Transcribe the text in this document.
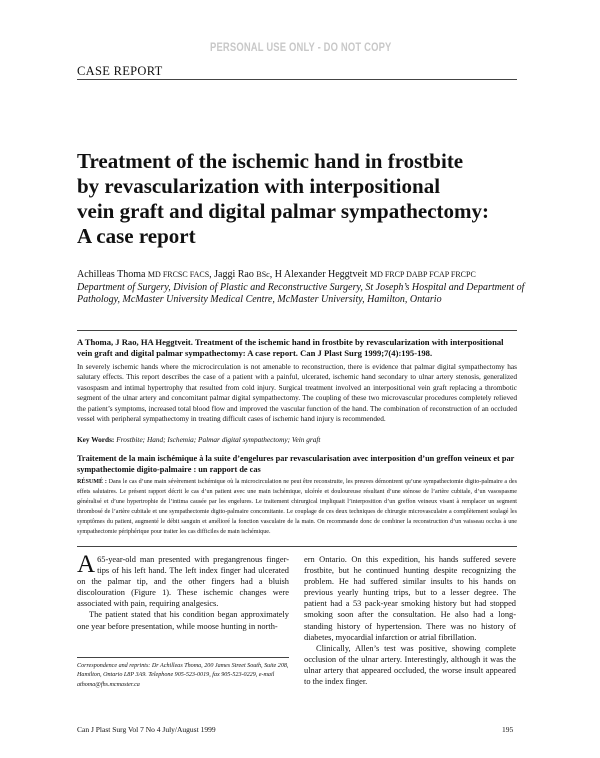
PERSONAL USE ONLY - DO NOT COPY
CASE REPORT
Treatment of the ischemic hand in frostbite
by revascularization with interpositional
vein graft and digital palmar sympathectomy:
A case report
Achilleas Thoma MD FRCSC FACS, Jaggi Rao BSc, H Alexander Heggtveit MD FRCP DABP FCAP FRCPC
Department of Surgery, Division of Plastic and Reconstructive Surgery, St Joseph’s Hospital and Department of Pathology, McMaster University Medical Centre, McMaster University, Hamilton, Ontario
A Thoma, J Rao, HA Heggtveit. Treatment of the ischemic hand in frostbite by revascularization with interpositional vein graft and digital palmar sympathectomy: A case report. Can J Plast Surg 1999;7(4):195-198.
In severely ischemic hands where the microcirculation is not amenable to reconstruction, there is evidence that palmar digital sympathectomy has salutary effects. This report describes the case of a patient with a painful, ulcerated, ischemic hand secondary to ulnar artery stenosis, generalized vasospasm and intimal hypertrophy that resulted from cold injury. Surgical treatment involved an interpositional vein graft replacing a thrombotic segment of the ulnar artery and concomitant palmar digital sympathectomy. The coupling of these two microvascular procedures completely relieved the patient’s symptoms, increased total blood flow and improved the vascular function of the hand. The combination of reconstruction of an occluded vessel with peripheral sympathectomy in treating difficult cases of ischemic hand injury is recommended.
Key Words: Frostbite; Hand; Ischemia; Palmar digital sympathectomy; Vein graft
Traitement de la main ischémique à la suite d’engelures par revascularisation avec interposition d’un greffon veineux et par sympathectomie digito-palmaire : un rapport de cas
RÉSUMÉ : Dans le cas d’une main sévèrement ischémique où la microcirculation ne peut être reconstruite, les preuves démontrent qu’une sympathectomie digito-palmaire a des effets salutaires. Le présent rapport décrit le cas d’un patient avec une main ischémique, ulcérée et douloureuse résultant d’une sténose de l’artère cubitale, d’un vasospasme généralisé et d’une hypertrophie de l’intima causée par les engelures. Le traitement chirurgical impliquait l’interposition d’un greffon veineux visant à remplacer un segment thrombosé de l’artère cubitale et une sympathectomie digito-palmaire concomitante. Le couplage de ces deux techniques de chirurgie microvasculaire a complètement soulagé les symptômes du patient, augmenté le débit sanguin et amélioré la fonction vasculaire de la main. On recommande donc de combiner la reconstruction d’un vaisseau occlus à une sympathectomie périphérique pour traiter les cas difficiles de main ischémique.

A 65-year-old man presented with pregangrenous finger-tips of his left hand. The left index finger had ulcerated on the palmar tip, and the other fingers had a bluish discolouration (Figure 1). These ischemic changes were associated with pain, requiring analgesics.

The patient stated that his condition began approximately one year before presentation, while moose hunting in north-

Correspondence and reprints: Dr Achilleas Thoma, 200 James Street South, Suite 208, Hamilton, Ontario L8P 3A9. Telephone 905-523-0019, fax 905-523-0229, e-mail athoma@fhs.mcmaster.ca

ern Ontario. On this expedition, his hands suffered severe frostbite, but he continued hunting despite recognizing the problem. He had suffered similar insults to his hands on previous yearly hunting trips, but to a lesser degree. The patient had a 53 pack-year smoking history but had stopped smoking soon after the consultation. He also had a long-standing history of hypertension. There was no history of diabetes, myocardial infarction or atrial fibrillation.

Clinically, Allen’s test was positive, showing complete occlusion of the ulnar artery. Interestingly, although it was the ulnar artery that appeared occluded, the worse insult appeared to the index finger.

Can J Plast Surg Vol 7 No 4 July/August 1999	195
